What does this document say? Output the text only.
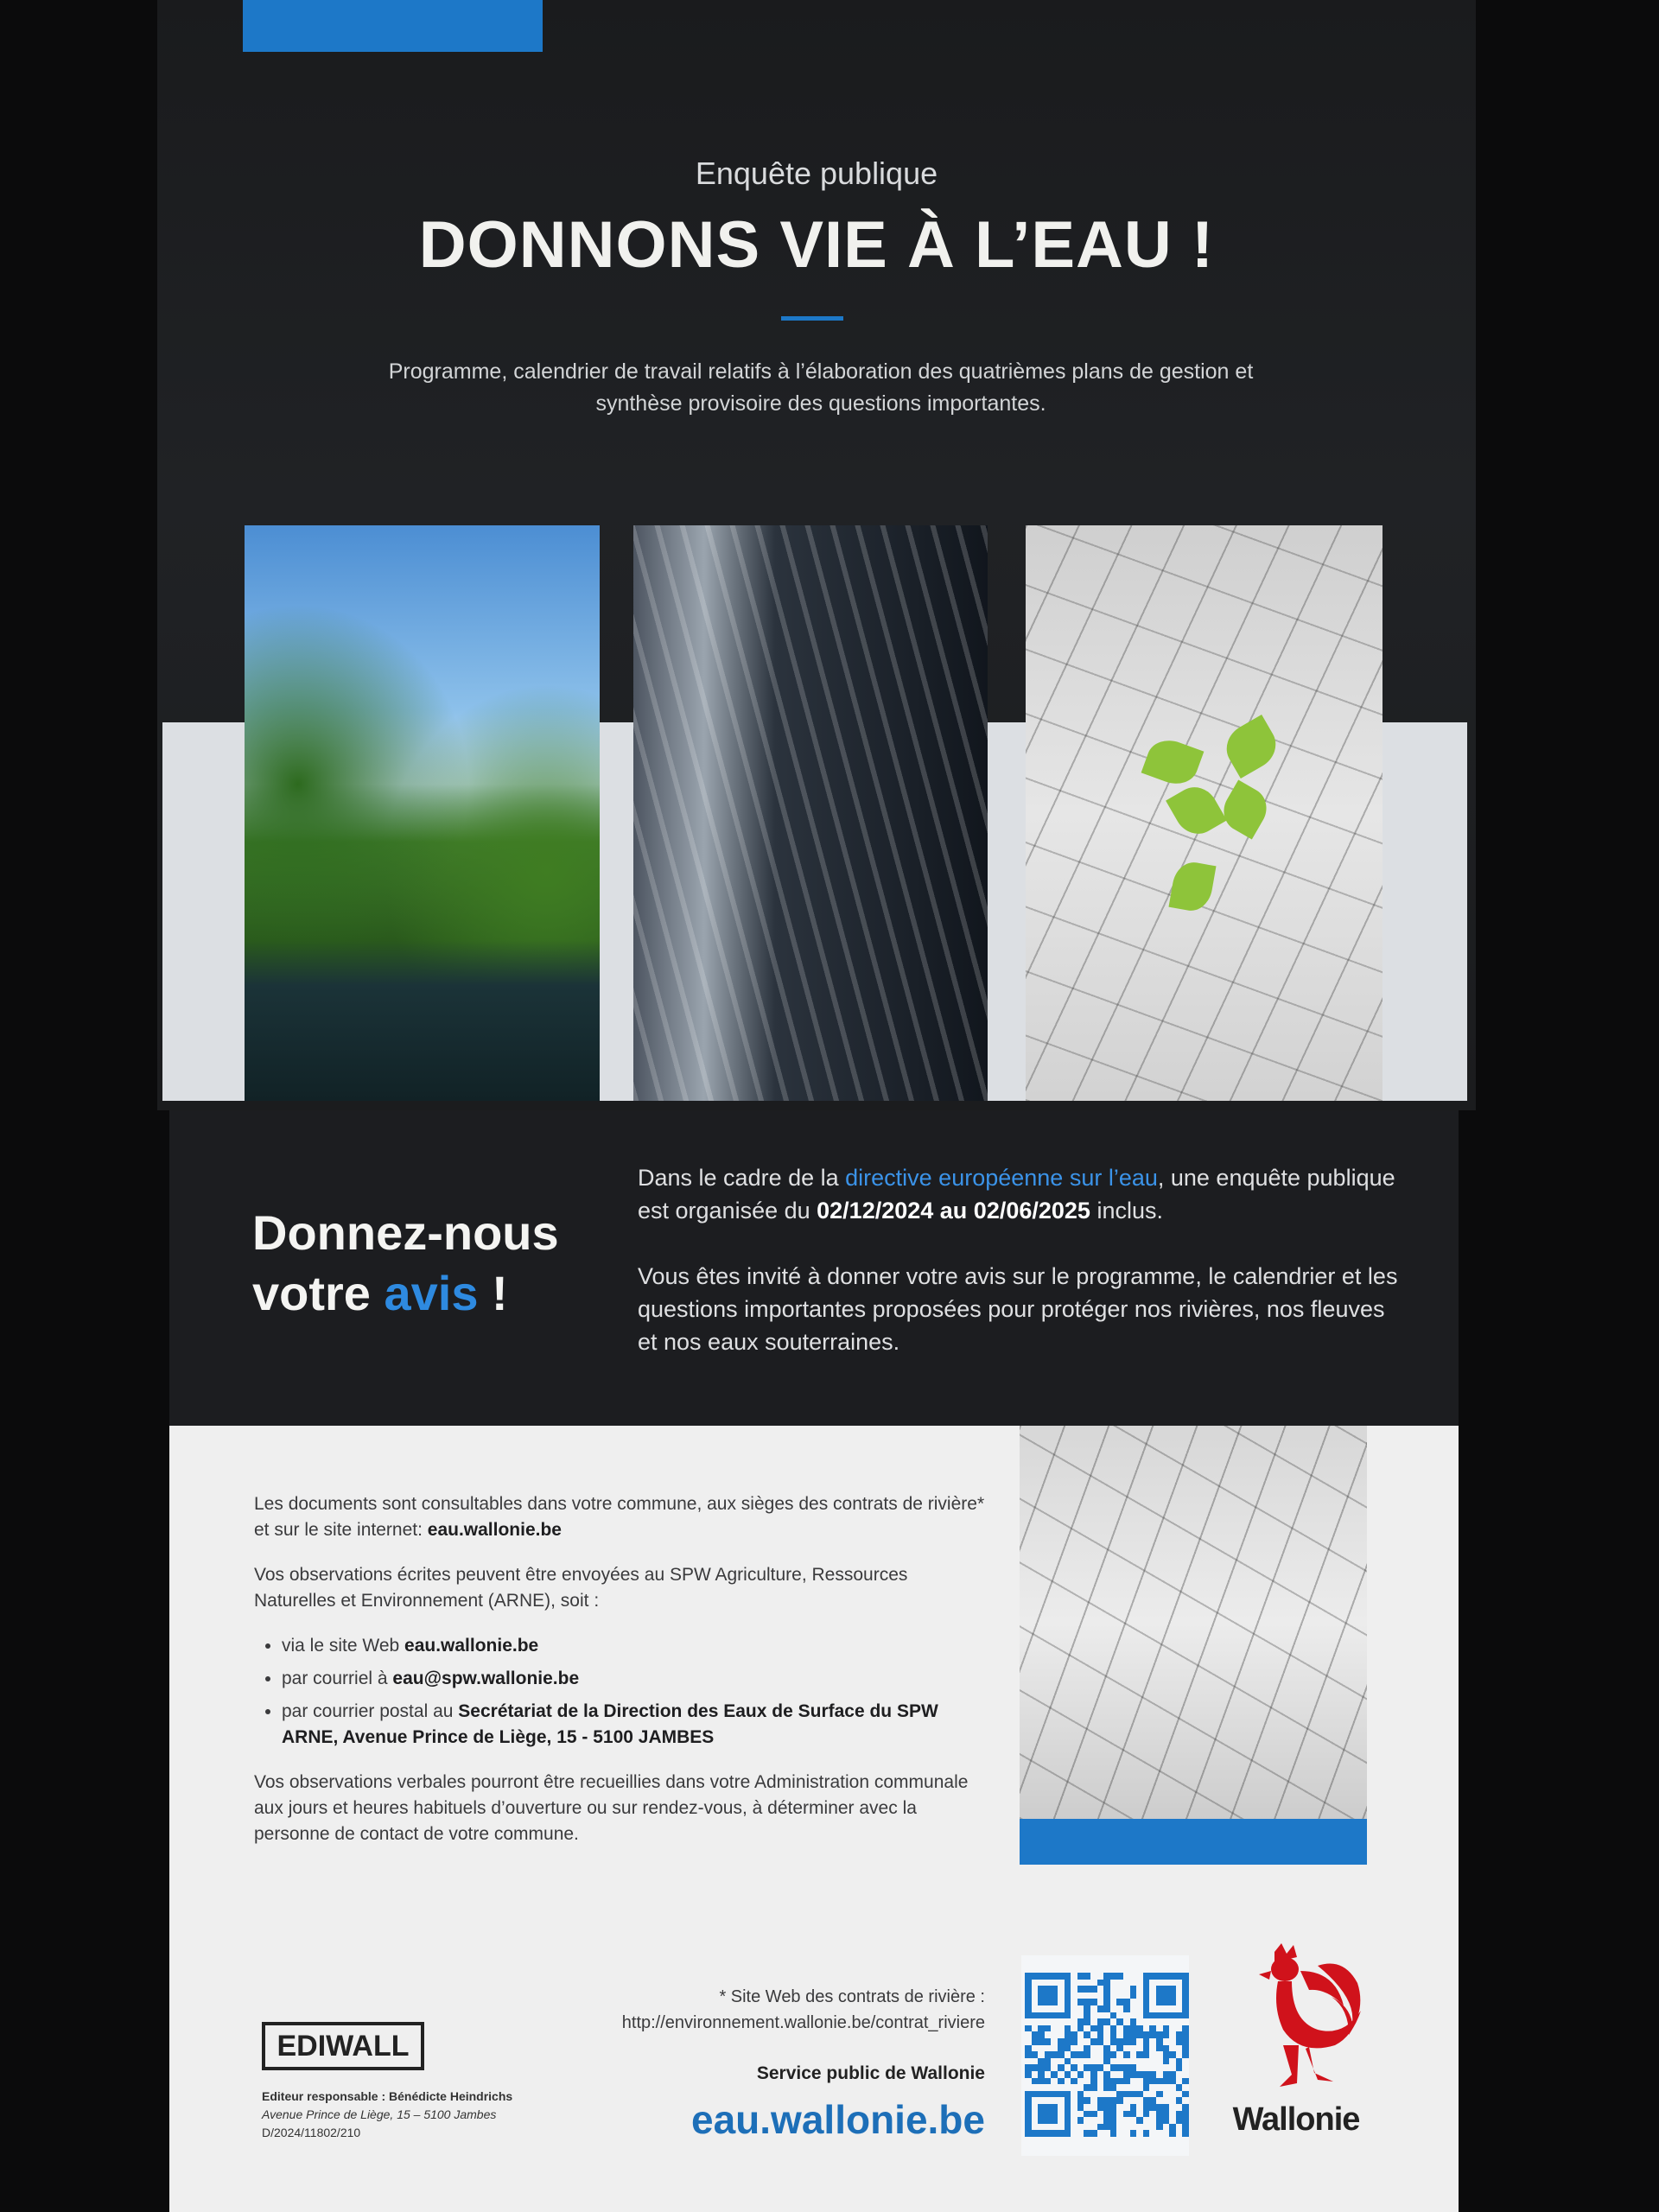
Enquête publique
DONNONS VIE À L’EAU !
Programme, calendrier de travail relatifs à l’élaboration des quatrièmes plans de gestion et synthèse provisoire des questions importantes.
Donnez-nous
votre avis !
Dans le cadre de la directive européenne sur l’eau, une enquête publique est organisée du 02/12/2024 au 02/06/2025 inclus.
Vous êtes invité à donner votre avis sur le programme, le calendrier et les questions importantes proposées pour protéger nos rivières, nos fleuves et nos eaux souterraines.

Les documents sont consultables dans votre commune, aux sièges des contrats de rivière* et sur le site internet: eau.wallonie.be

Vos observations écrites peuvent être envoyées au SPW Agriculture, Ressources Naturelles et Environnement (ARNE), soit :

• via le site Web eau.wallonie.be
• par courriel à eau@spw.wallonie.be
• par courrier postal au Secrétariat de la Direction des Eaux de Surface du SPW ARNE, Avenue Prince de Liège, 15 - 5100 JAMBES

Vos observations verbales pourront être recueillies dans votre Administration communale aux jours et heures habituels d’ouverture ou sur rendez-vous, à déterminer avec la personne de contact de votre commune.

* Site Web des contrats de rivière :
http://environnement.wallonie.be/contrat_riviere
Service public de Wallonie
eau.wallonie.be
EDIWALL
Editeur responsable : Bénédicte Heindrichs
Avenue Prince de Liège, 15 – 5100 Jambes
D/2024/11802/210	Wallonie
